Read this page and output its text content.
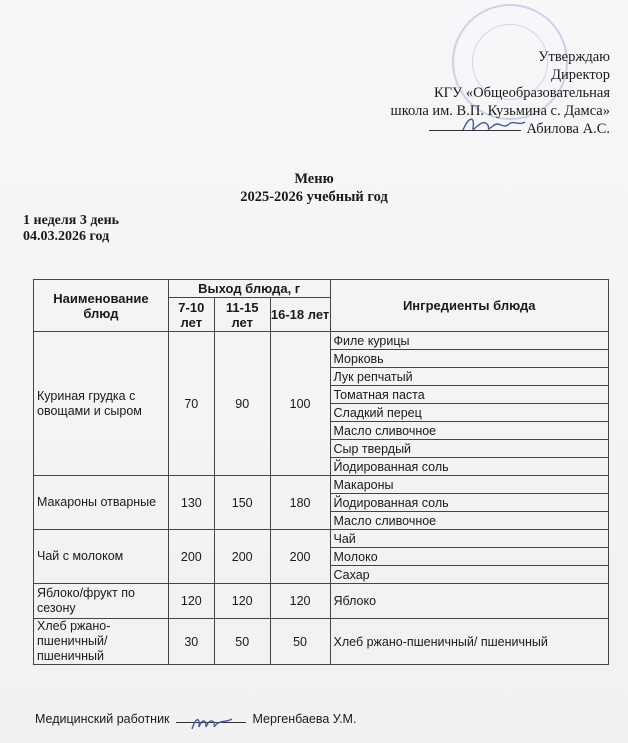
Утверждаю
Директор
КГУ «Общеобразовательная
школа им. В.П. Кузьмина с. Дамса»
Абилова А.С.
Меню
2025-2026 учебный год
1 неделя 3 день
04.03.2026 год
Наименование блюд	Выход блюда, г			Ингредиенты блюда
	7-10 лет	11-15 лет	16-18 лет	
Куриная грудка с овощами и сыром	70	90	100	Филе курицы
				Морковь
				Лук репчатый
				Томатная паста
				Сладкий перец
				Масло сливочное
				Сыр твердый
				Йодированная соль
Макароны отварные	130	150	180	Макароны
				Йодированная соль
				Масло сливочное
Чай с молоком	200	200	200	Чай
				Молоко
				Сахар
Яблоко/фрукт по сезону	120	120	120	Яблоко
Хлеб ржано-пшеничный/ пшеничный	30	50	50	Хлеб ржано-пшеничный/ пшеничный
Медицинский работник	Мергенбаева У.М.
